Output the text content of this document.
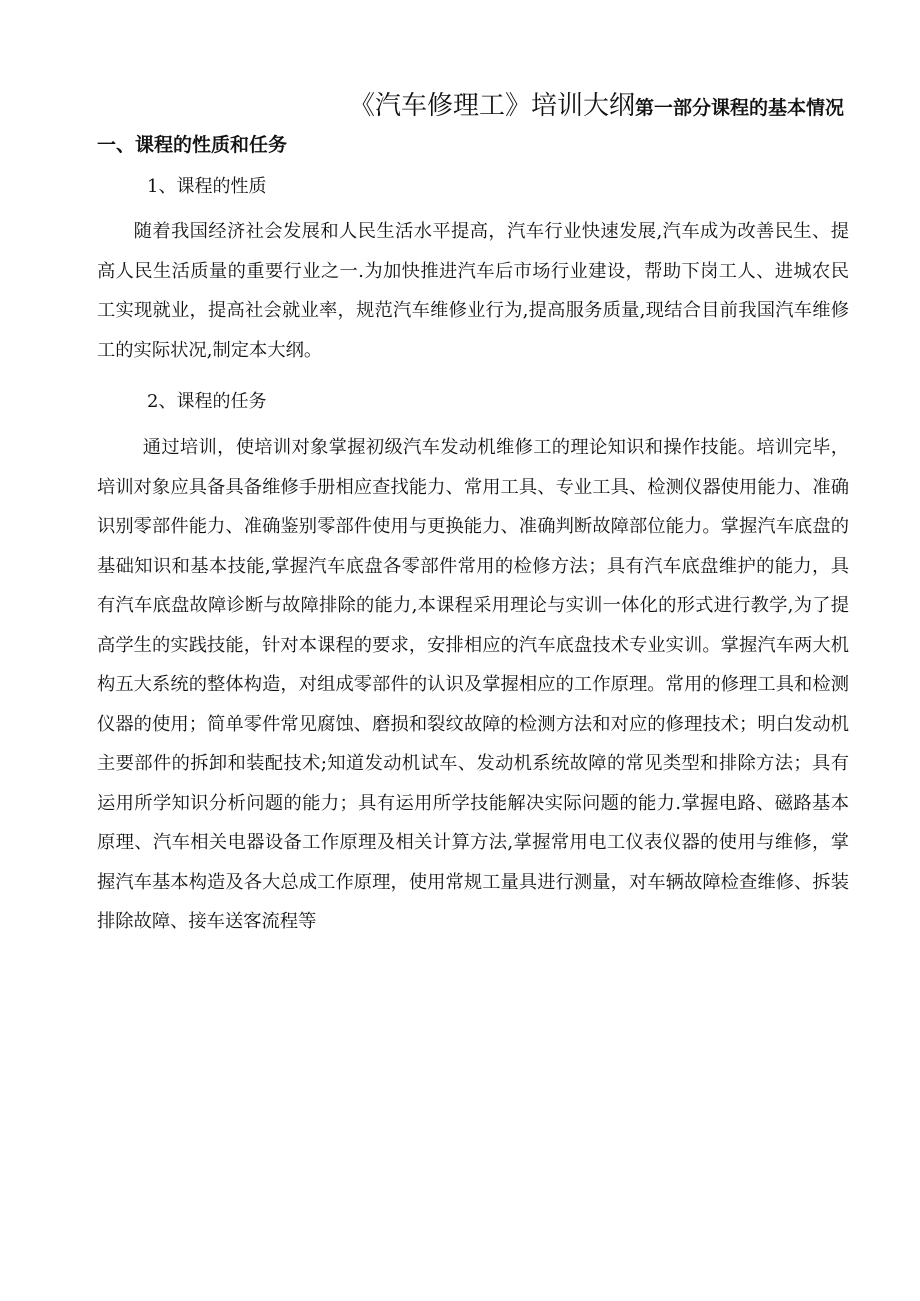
《汽车修理工》培训大纲第一部分课程的基本情况
一、课程的性质和任务
1、课程的性质

随着我国经济社会发展和人民生活水平提高，汽车行业快速发展,汽车成为改善民生、提高人民生活质量的重要行业之一.为加快推进汽车后市场行业建设，帮助下岗工人、进城农民工实现就业，提高社会就业率，规范汽车维修业行为,提高服务质量,现结合目前我国汽车维修工的实际状况,制定本大纲。

2、课程的任务

通过培训，使培训对象掌握初级汽车发动机维修工的理论知识和操作技能。培训完毕，培训对象应具备具备维修手册相应查找能力、常用工具、专业工具、检测仪器使用能力、准确识别零部件能力、准确鉴别零部件使用与更换能力、准确判断故障部位能力。掌握汽车底盘的基础知识和基本技能,掌握汽车底盘各零部件常用的检修方法；具有汽车底盘维护的能力，具有汽车底盘故障诊断与故障排除的能力,本课程采用理论与实训一体化的形式进行教学,为了提高学生的实践技能，针对本课程的要求，安排相应的汽车底盘技术专业实训。掌握汽车两大机构五大系统的整体构造，对组成零部件的认识及掌握相应的工作原理。常用的修理工具和检测仪器的使用；简单零件常见腐蚀、磨损和裂纹故障的检测方法和对应的修理技术；明白发动机主要部件的拆卸和装配技术;知道发动机试车、发动机系统故障的常见类型和排除方法；具有运用所学知识分析问题的能力；具有运用所学技能解决实际问题的能力.掌握电路、磁路基本原理、汽车相关电器设备工作原理及相关计算方法,掌握常用电工仪表仪器的使用与维修，掌握汽车基本构造及各大总成工作原理，使用常规工量具进行测量，对车辆故障检查维修、拆装排除故障、接车送客流程等
